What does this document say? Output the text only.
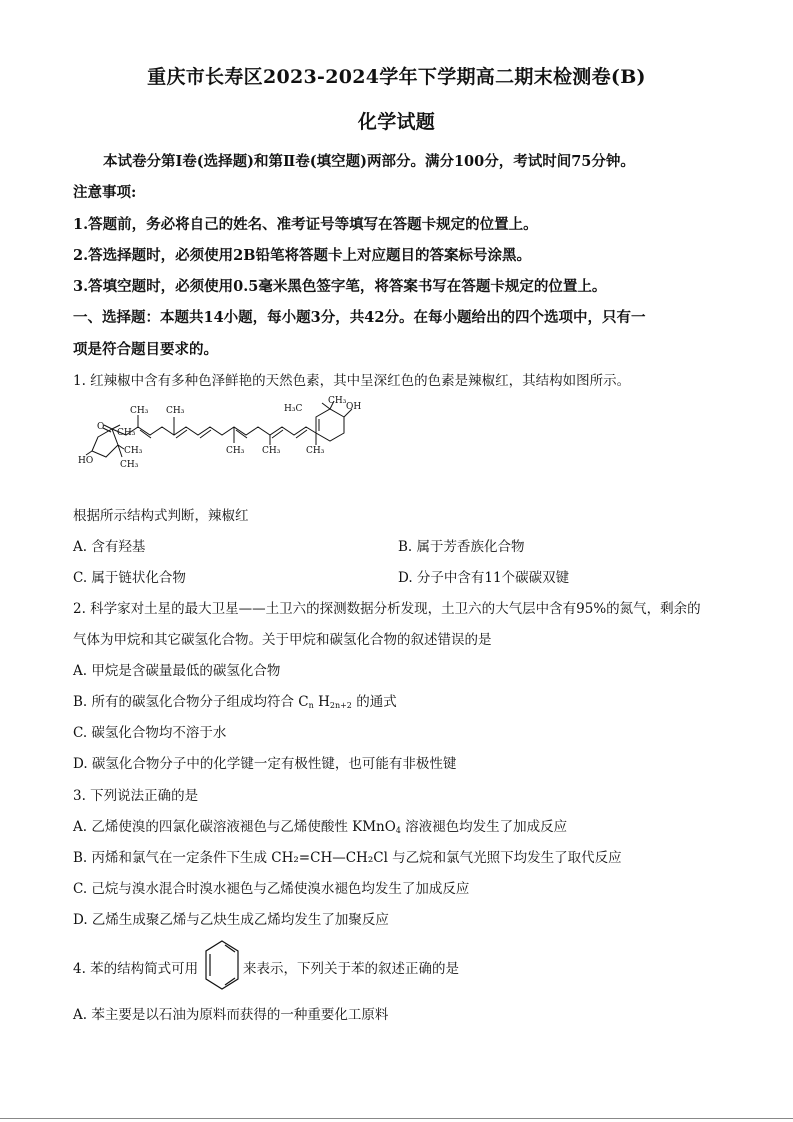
重庆市长寿区2023-2024学年下学期高二期末检测卷(B)
化学试题
本试卷分第Ⅰ卷(选择题)和第Ⅱ卷(填空题)两部分。满分100分，考试时间75分钟。
注意事项:
1.答题前，务必将自己的姓名、准考证号等填写在答题卡规定的位置上。
2.答选择题时，必须使用2B铅笔将答题卡上对应题目的答案标号涂黑。
3.答填空题时，必须使用0.5毫米黑色签字笔，将答案书写在答题卡规定的位置上。
一、选择题：本题共14小题，每小题3分，共42分。在每小题给出的四个选项中，只有一
项是符合题目要求的。
1. 红辣椒中含有多种色泽鲜艳的天然色素，其中呈深红色的色素是辣椒红，其结构如图所示。
O
CH₃
CH₃
CH₃
HO
CH₃ CH₃
CH₃ CH₃	CH₃
H₃C
CH₃
OH
根据所示结构式判断，辣椒红
A. 含有羟基	B. 属于芳香族化合物
C. 属于链状化合物	D. 分子中含有11个碳碳双键
2. 科学家对土星的最大卫星——土卫六的探测数据分析发现，土卫六的大气层中含有95%的氮气，剩余的
气体为甲烷和其它碳氢化合物。关于甲烷和碳氢化合物的叙述错误的是
A. 甲烷是含碳量最低的碳氢化合物
B. 所有的碳氢化合物分子组成均符合 $C_n$ $H_{2n+2}$ 的通式
C. 碳氢化合物均不溶于水
D. 碳氢化合物分子中的化学键一定有极性键，也可能有非极性键
3. 下列说法正确的是
A. 乙烯使溴的四氯化碳溶液褪色与乙烯使酸性 KMnO$_4$ 溶液褪色均发生了加成反应
B. 丙烯和氯气在一定条件下生成 CH₂=CH—CH₂Cl 与乙烷和氯气光照下均发生了取代反应
C. 己烷与溴水混合时溴水褪色与乙烯使溴水褪色均发生了加成反应
D. 乙烯生成聚乙烯与乙炔生成乙烯均发生了加聚反应
4. 苯的结构简式可用	来表示，下列关于苯的叙述正确的是
A. 苯主要是以石油为原料而获得的一种重要化工原料
